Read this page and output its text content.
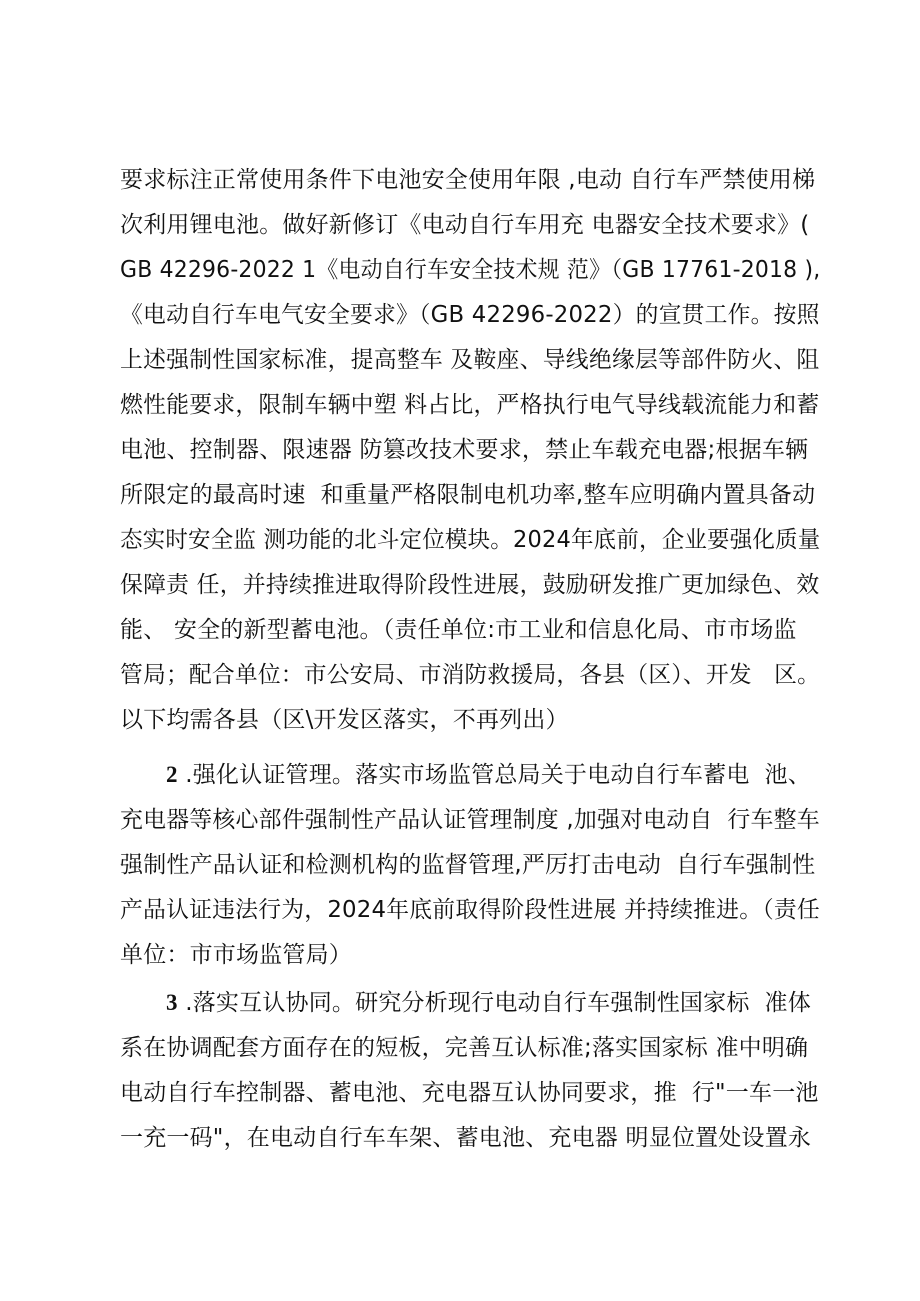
要求标注正常使用条件下电池安全使用年限 ,电动 自行车严禁使用梯
次利用锂电池。做好新修订《电动自行车用充 电器安全技术要求》(
GB 42296-2022 1《电动自行车安全技术规 范》（GB 17761-2018 ),
《电动自行车电气安全要求》（GB 42296-2022）的宣贯工作。按照
上述强制性国家标准，提高整车 及鞍座、导线绝缘层等部件防火、阻
燃性能要求，限制车辆中塑 料占比，严格执行电气导线载流能力和蓄
电池、控制器、限速器 防篡改技术要求，禁止车载充电器;根据车辆
所限定的最高时速  和重量严格限制电机功率,整车应明确内置具备动
态实时安全监 测功能的北斗定位模块。2024年底前，企业要强化质量
保障责 任，并持续推进取得阶段性进展，鼓励研发推广更加绿色、效
能、 安全的新型蓄电池。（责任单位:市工业和信息化局、市市场监
管局；配合单位：市公安局、市消防救援局，各县（区）、开发   区。
以下均需各县（区\开发区落实，不再列出）
2 .强化认证管理。落实市场监管总局关于电动自行车蓄电  池、
充电器等核心部件强制性产品认证管理制度 ,加强对电动自  行车整车
强制性产品认证和检测机构的监督管理,严厉打击电动  自行车强制性
产品认证违法行为，2024年底前取得阶段性进展 并持续推进。（责任
单位：市市场监管局）
3 .落实互认协同。研究分析现行电动自行车强制性国家标  准体
系在协调配套方面存在的短板，完善互认标准;落实国家标 准中明确
电动自行车控制器、蓄电池、充电器互认协同要求，推  行"一车一池
一充一码"，在电动自行车车架、蓄电池、充电器 明显位置处设置永
